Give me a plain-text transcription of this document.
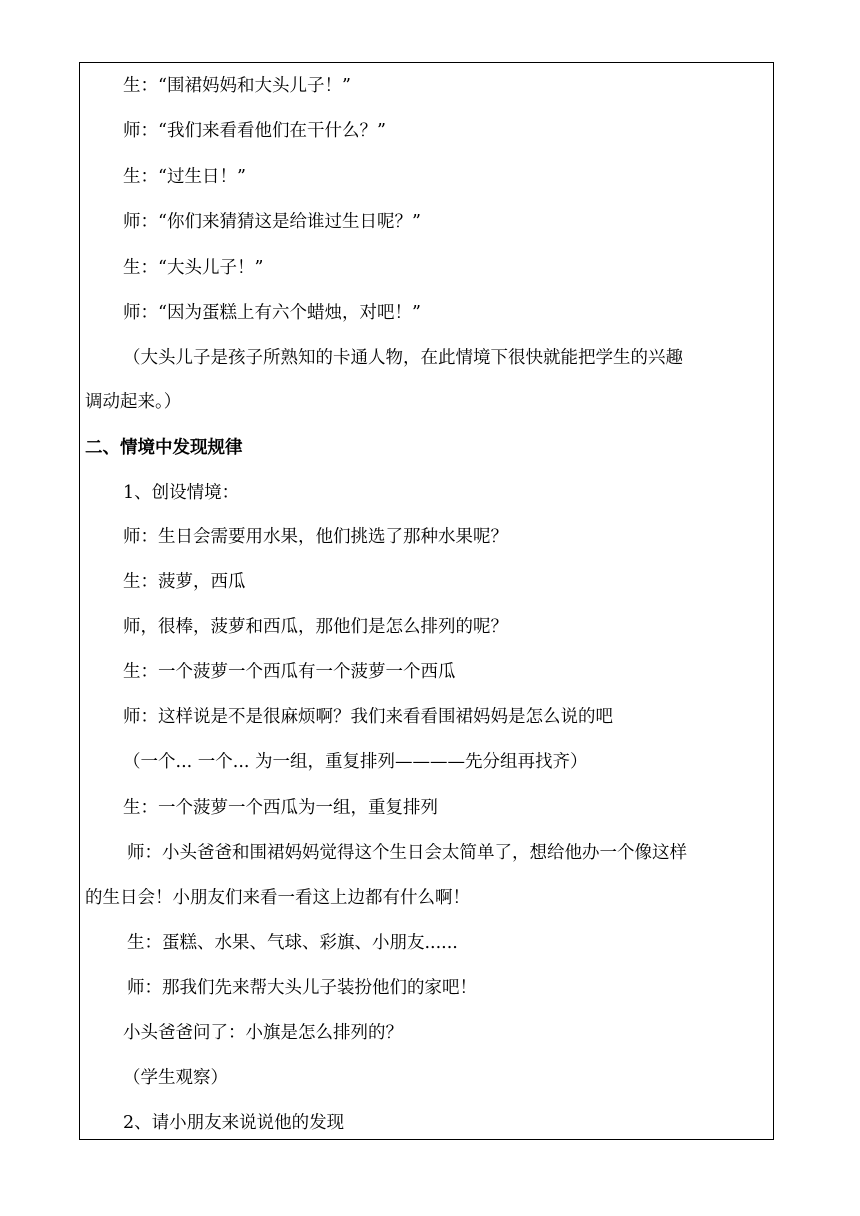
生：“围裙妈妈和大头儿子！”
师：“我们来看看他们在干什么？”
生：“过生日！”
师：“你们来猜猜这是给谁过生日呢？”
生：“大头儿子！”
师：“因为蛋糕上有六个蜡烛，对吧！”
（大头儿子是孩子所熟知的卡通人物，在此情境下很快就能把学生的兴趣
调动起来。）
二、情境中发现规律
1、创设情境：
师：生日会需要用水果，他们挑选了那种水果呢？
生：菠萝，西瓜
师，很棒，菠萝和西瓜，那他们是怎么排列的呢？
生：一个菠萝一个西瓜有一个菠萝一个西瓜
师：这样说是不是很麻烦啊？我们来看看围裙妈妈是怎么说的吧
（一个... 一个... 为一组，重复排列————先分组再找齐）
生：一个菠萝一个西瓜为一组，重复排列
师：小头爸爸和围裙妈妈觉得这个生日会太简单了，想给他办一个像这样
的生日会！小朋友们来看一看这上边都有什么啊！
生：蛋糕、水果、气球、彩旗、小朋友......
师：那我们先来帮大头儿子装扮他们的家吧！
小头爸爸问了：小旗是怎么排列的？
（学生观察）
2、请小朋友来说说他的发现
